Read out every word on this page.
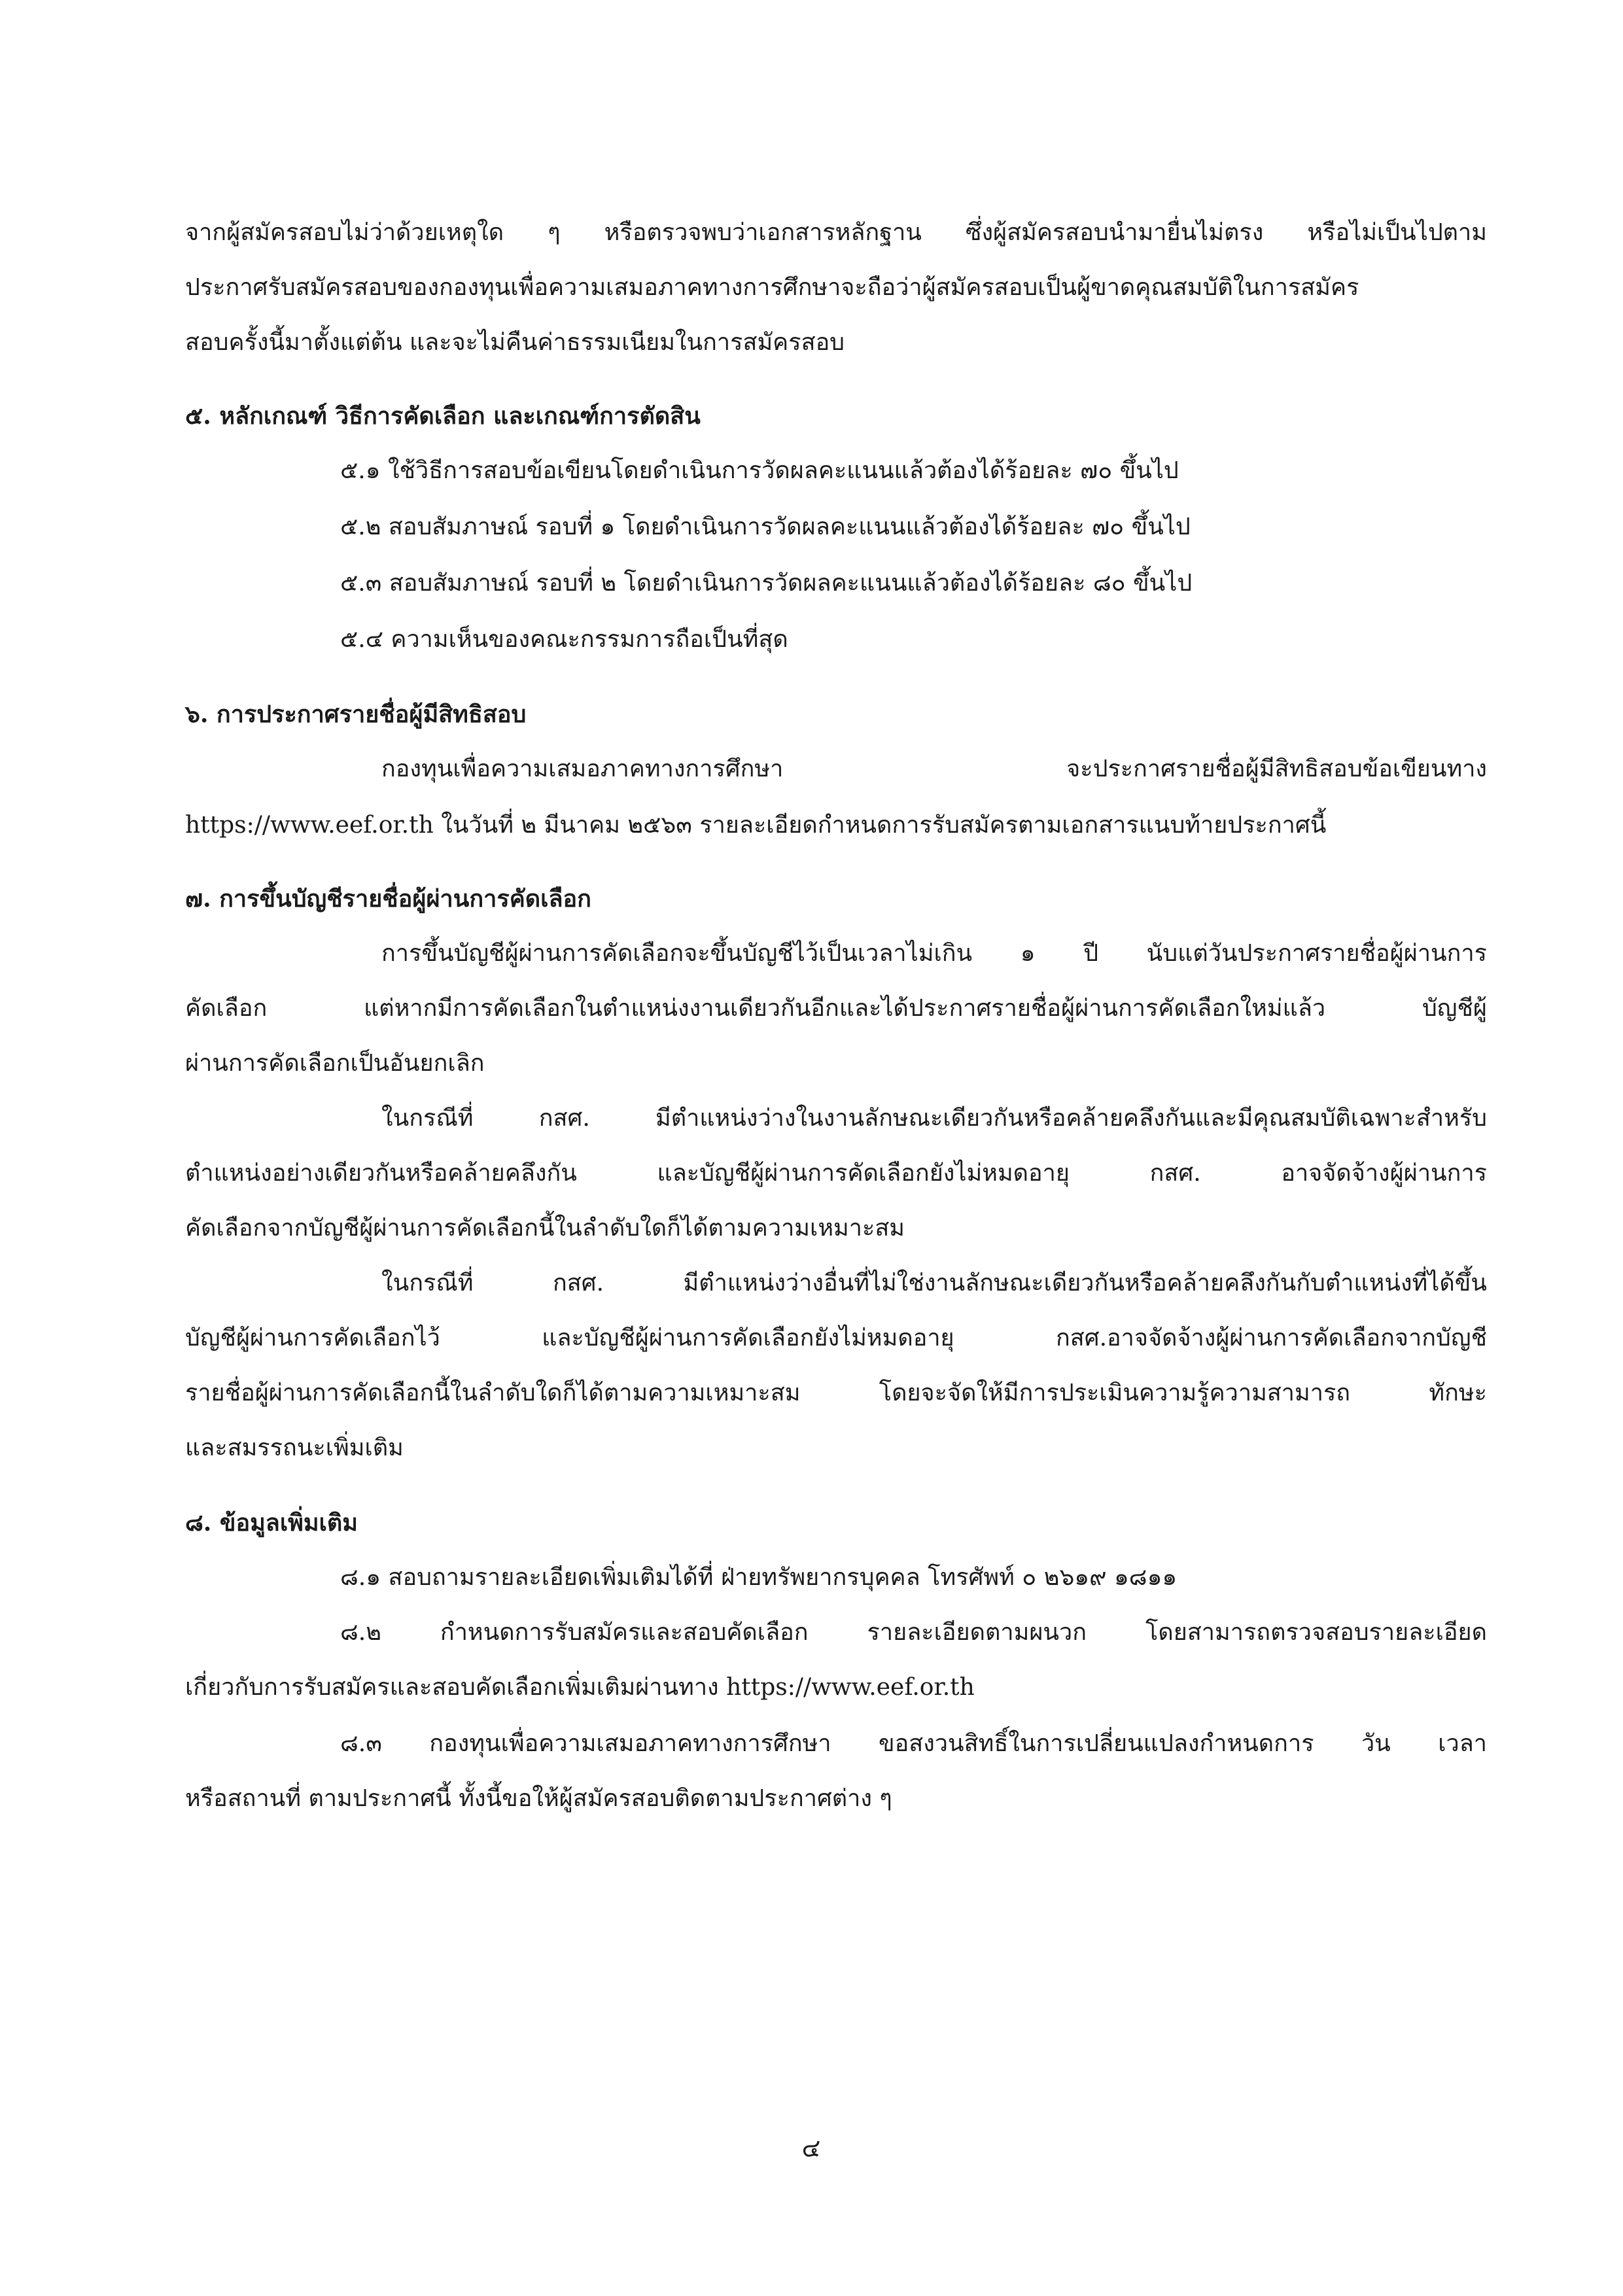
จากผู้สมัครสอบไม่ว่าด้วยเหตุใด ๆ หรือตรวจพบว่าเอกสารหลักฐาน ซึ่งผู้สมัครสอบนำมายื่นไม่ตรง หรือไม่เป็นไปตาม
ประกาศรับสมัครสอบของกองทุนเพื่อความเสมอภาคทางการศึกษาจะถือว่าผู้สมัครสอบเป็นผู้ขาดคุณสมบัติในการสมัคร
สอบครั้งนี้มาตั้งแต่ต้น และจะไม่คืนค่าธรรมเนียมในการสมัครสอบ
๕. หลักเกณฑ์ วิธีการคัดเลือก และเกณฑ์การตัดสิน
๕.๑ ใช้วิธีการสอบข้อเขียนโดยดำเนินการวัดผลคะแนนแล้วต้องได้ร้อยละ ๗๐ ขึ้นไป
๕.๒ สอบสัมภาษณ์ รอบที่ ๑ โดยดำเนินการวัดผลคะแนนแล้วต้องได้ร้อยละ ๗๐ ขึ้นไป
๕.๓ สอบสัมภาษณ์ รอบที่ ๒ โดยดำเนินการวัดผลคะแนนแล้วต้องได้ร้อยละ ๘๐ ขึ้นไป
๕.๔ ความเห็นของคณะกรรมการถือเป็นที่สุด
๖. การประกาศรายชื่อผู้มีสิทธิสอบ
กองทุนเพื่อความเสมอภาคทางการศึกษา จะประกาศรายชื่อผู้มีสิทธิสอบข้อเขียนทาง
https://www.eef.or.th ในวันที่ ๒ มีนาคม ๒๕๖๓ รายละเอียดกำหนดการรับสมัครตามเอกสารแนบท้ายประกาศนี้
๗. การขึ้นบัญชีรายชื่อผู้ผ่านการคัดเลือก
การขึ้นบัญชีผู้ผ่านการคัดเลือกจะขึ้นบัญชีไว้เป็นเวลาไม่เกิน ๑ ปี นับแต่วันประกาศรายชื่อผู้ผ่านการ
คัดเลือก แต่หากมีการคัดเลือกในตำแหน่งงานเดียวกันอีกและได้ประกาศรายชื่อผู้ผ่านการคัดเลือกใหม่แล้ว บัญชีผู้
ผ่านการคัดเลือกเป็นอันยกเลิก
ในกรณีที่ กสศ. มีตำแหน่งว่างในงานลักษณะเดียวกันหรือคล้ายคลึงกันและมีคุณสมบัติเฉพาะสำหรับ
ตำแหน่งอย่างเดียวกันหรือคล้ายคลึงกัน และบัญชีผู้ผ่านการคัดเลือกยังไม่หมดอายุ กสศ. อาจจัดจ้างผู้ผ่านการ
คัดเลือกจากบัญชีผู้ผ่านการคัดเลือกนี้ในลำดับใดก็ได้ตามความเหมาะสม
ในกรณีที่ กสศ. มีตำแหน่งว่างอื่นที่ไม่ใช่งานลักษณะเดียวกันหรือคล้ายคลึงกันกับตำแหน่งที่ได้ขึ้น
บัญชีผู้ผ่านการคัดเลือกไว้ และบัญชีผู้ผ่านการคัดเลือกยังไม่หมดอายุ กสศ.อาจจัดจ้างผู้ผ่านการคัดเลือกจากบัญชี
รายชื่อผู้ผ่านการคัดเลือกนี้ในลำดับใดก็ได้ตามความเหมาะสม โดยจะจัดให้มีการประเมินความรู้ความสามารถ ทักษะ
และสมรรถนะเพิ่มเติม
๘. ข้อมูลเพิ่มเติม
๘.๑ สอบถามรายละเอียดเพิ่มเติมได้ที่ ฝ่ายทรัพยากรบุคคล โทรศัพท์ ๐ ๒๖๑๙ ๑๘๑๑
๘.๒ กำหนดการรับสมัครและสอบคัดเลือก รายละเอียดตามผนวก โดยสามารถตรวจสอบรายละเอียด
เกี่ยวกับการรับสมัครและสอบคัดเลือกเพิ่มเติมผ่านทาง https://www.eef.or.th
๘.๓ กองทุนเพื่อความเสมอภาคทางการศึกษา ขอสงวนสิทธิ์ในการเปลี่ยนแปลงกำหนดการ วัน เวลา
หรือสถานที่ ตามประกาศนี้ ทั้งนี้ขอให้ผู้สมัครสอบติดตามประกาศต่าง ๆ
๔
